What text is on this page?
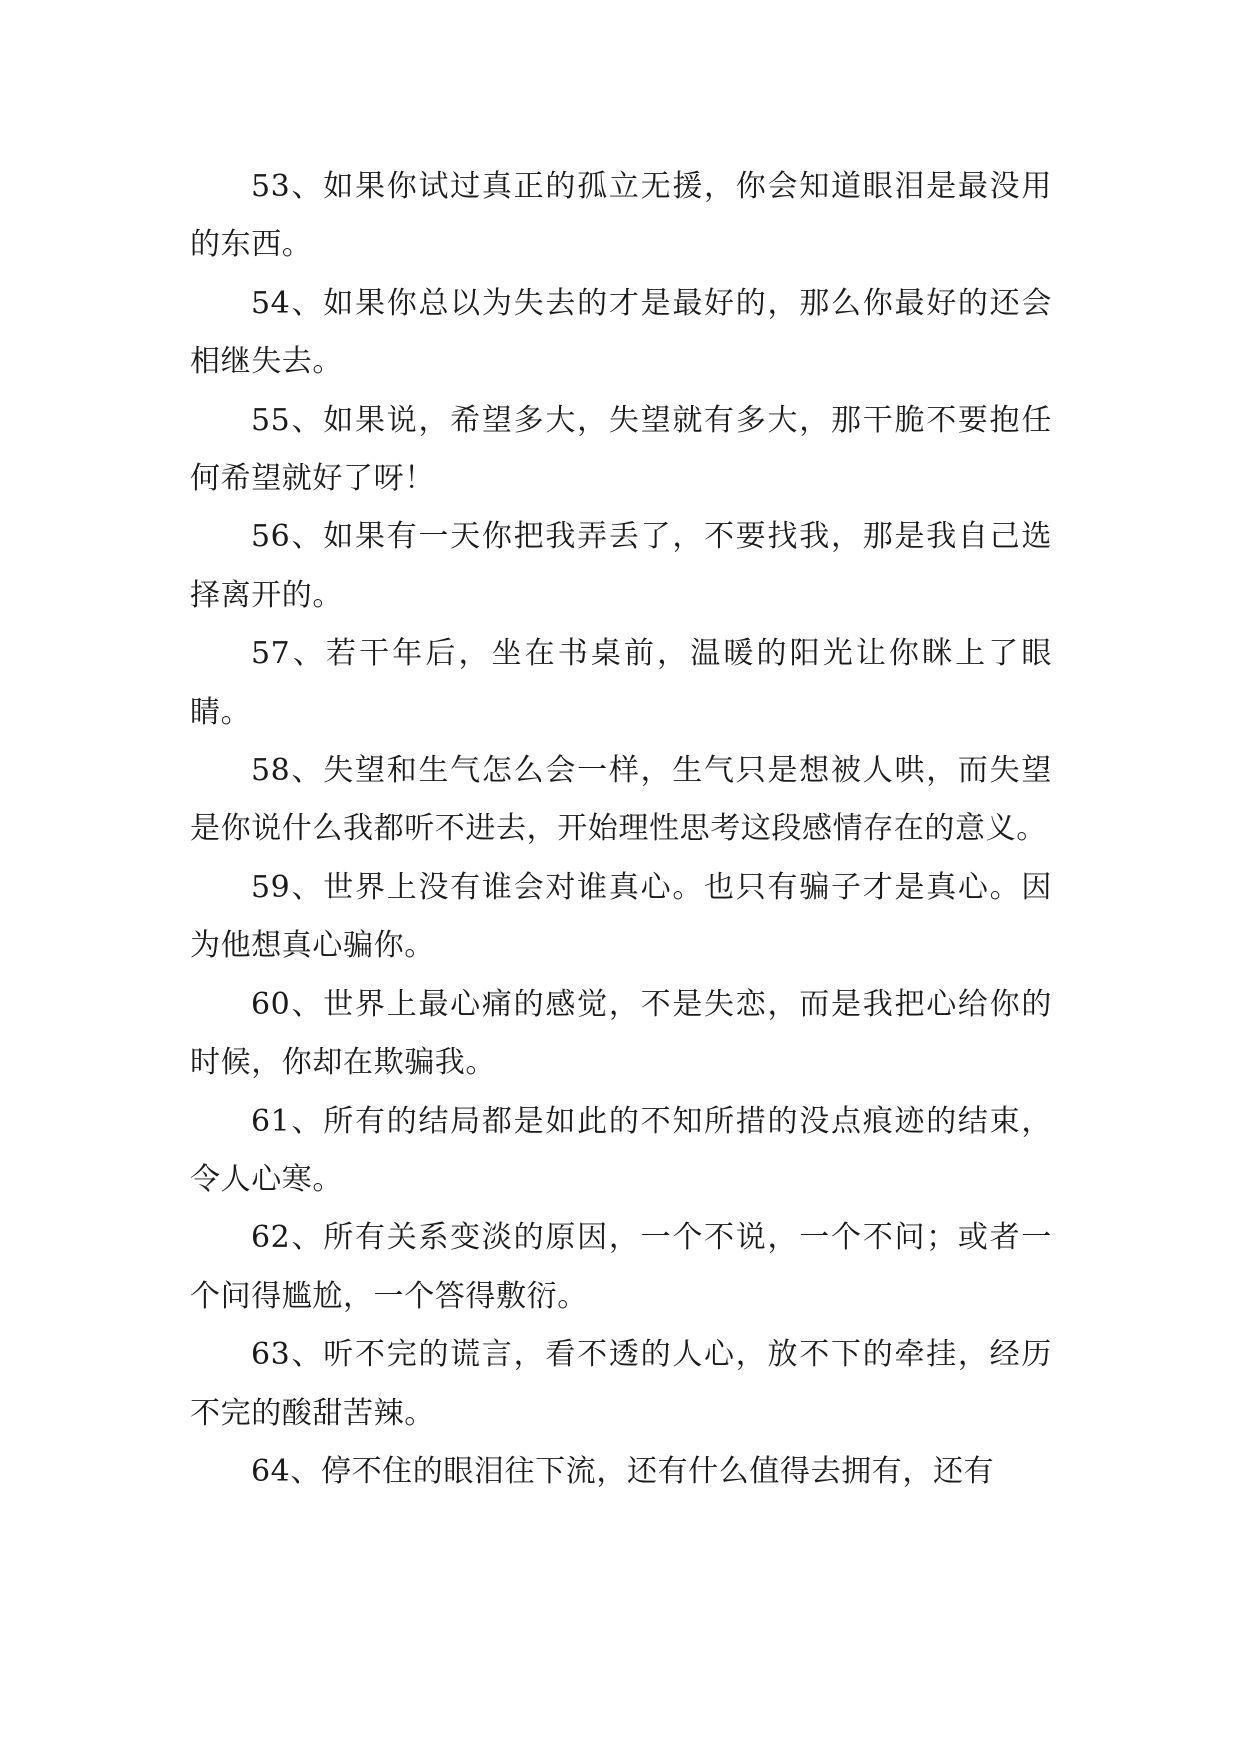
53、如果你试过真正的孤立无援，你会知道眼泪是最没用的东西。

54、如果你总以为失去的才是最好的，那么你最好的还会相继失去。

55、如果说，希望多大，失望就有多大，那干脆不要抱任何希望就好了呀！

56、如果有一天你把我弄丢了，不要找我，那是我自己选择离开的。

57、若干年后，坐在书桌前，温暖的阳光让你眯上了眼睛。

58、失望和生气怎么会一样，生气只是想被人哄，而失望是你说什么我都听不进去，开始理性思考这段感情存在的意义。

59、世界上没有谁会对谁真心。也只有骗子才是真心。因为他想真心骗你。

60、世界上最心痛的感觉，不是失恋，而是我把心给你的时候，你却在欺骗我。

61、所有的结局都是如此的不知所措的没点痕迹的结束，令人心寒。

62、所有关系变淡的原因，一个不说，一个不问；或者一个问得尴尬，一个答得敷衍。

63、听不完的谎言，看不透的人心，放不下的牵挂，经历不完的酸甜苦辣。

64、停不住的眼泪往下流，还有什么值得去拥有，还有
